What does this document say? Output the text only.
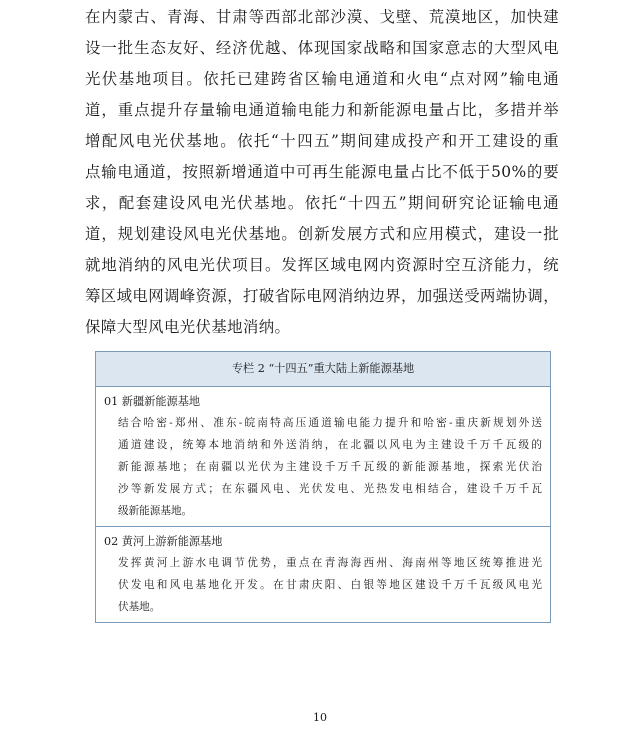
在内蒙古、青海、甘肃等西部北部沙漠、戈壁、荒漠地区，加快建
设一批生态友好、经济优越、体现国家战略和国家意志的大型风电
光伏基地项目。依托已建跨省区输电通道和火电“点对网”输电通
道，重点提升存量输电通道输电能力和新能源电量占比，多措并举
增配风电光伏基地。依托“十四五”期间建成投产和开工建设的重
点输电通道，按照新增通道中可再生能源电量占比不低于50%的要
求，配套建设风电光伏基地。依托“十四五”期间研究论证输电通
道，规划建设风电光伏基地。创新发展方式和应用模式，建设一批
就地消纳的风电光伏项目。发挥区域电网内资源时空互济能力，统
筹区域电网调峰资源，打破省际电网消纳边界，加强送受两端协调，
保障大型风电光伏基地消纳。
专栏 2 “十四五”重大陆上新能源基地
01 新疆新能源基地
结合哈密-郑州、准东-皖南特高压通道输电能力提升和哈密-重庆新规划外送
通道建设，统筹本地消纳和外送消纳，在北疆以风电为主建设千万千瓦级的
新能源基地；在南疆以光伏为主建设千万千瓦级的新能源基地，探索光伏治
沙等新发展方式；在东疆风电、光伏发电、光热发电相结合，建设千万千瓦
级新能源基地。
02 黄河上游新能源基地
发挥黄河上游水电调节优势，重点在青海海西州、海南州等地区统筹推进光
伏发电和风电基地化开发。在甘肃庆阳、白银等地区建设千万千瓦级风电光
伏基地。
10
